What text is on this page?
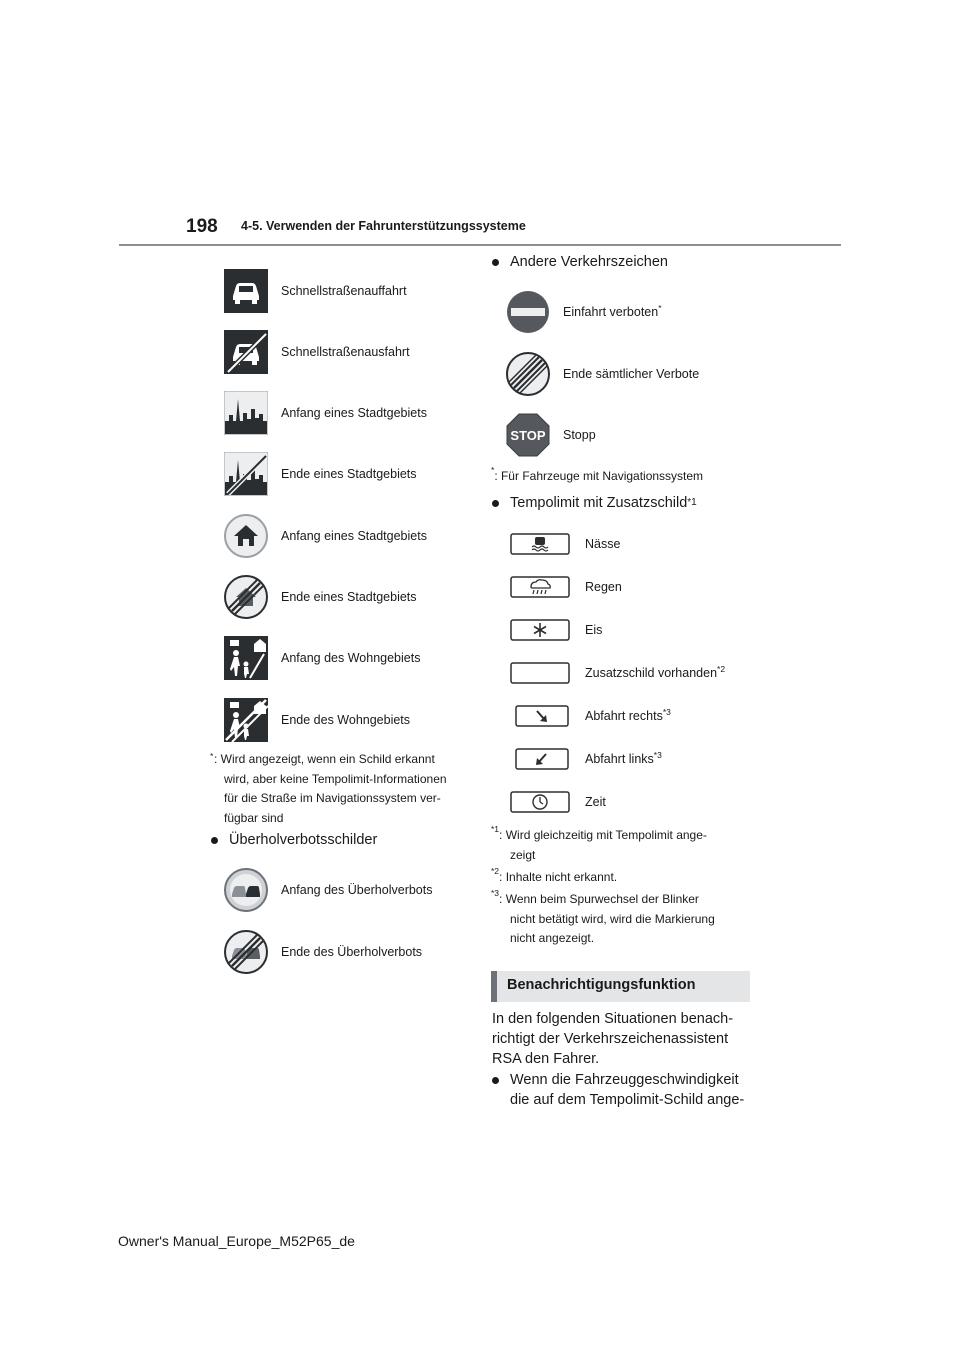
198 4-5. Verwenden der Fahrunterstützungssysteme
Schnellstraßenauffahrt
Schnellstraßenausfahrt
Anfang eines Stadtgebiets
Ende eines Stadtgebiets
Anfang eines Stadtgebiets
Ende eines Stadtgebiets
Anfang des Wohngebiets
Ende des Wohngebiets
* : Wird angezeigt, wenn ein Schild erkannt
wird, aber keine Tempolimit-Informationen
für die Straße im Navigationssystem ver-
fügbar sind
Überholverbotsschilder
Anfang des Überholverbots
Ende des Überholverbots
Andere Verkehrszeichen
Einfahrt verboten*
Ende sämtlicher Verbote
STOP Stopp
*: Für Fahrzeuge mit Navigationssystem
Tempolimit mit Zusatzschild *1
Nässe
Regen
Eis
Zusatzschild vorhanden$^{*2}$
Abfahrt rechts$^{*3}$
Abfahrt links$^{*3}$
Zeit
$^{*1}$: Wird gleichzeitig mit Tempolimit ange-
zeigt
$^{*2}$: Inhalte nicht erkannt.
$^{*3}$: Wenn beim Spurwechsel der Blinker
nicht betätigt wird, wird die Markierung
nicht angezeigt.
Benachrichtigungsfunktion
In den folgenden Situationen benach-
richtigt der Verkehrszeichenassistent
RSA den Fahrer.
Wenn die Fahrzeuggeschwindigkeit
die auf dem Tempolimit-Schild ange-
Owner's Manual_Europe_M52P65_de
